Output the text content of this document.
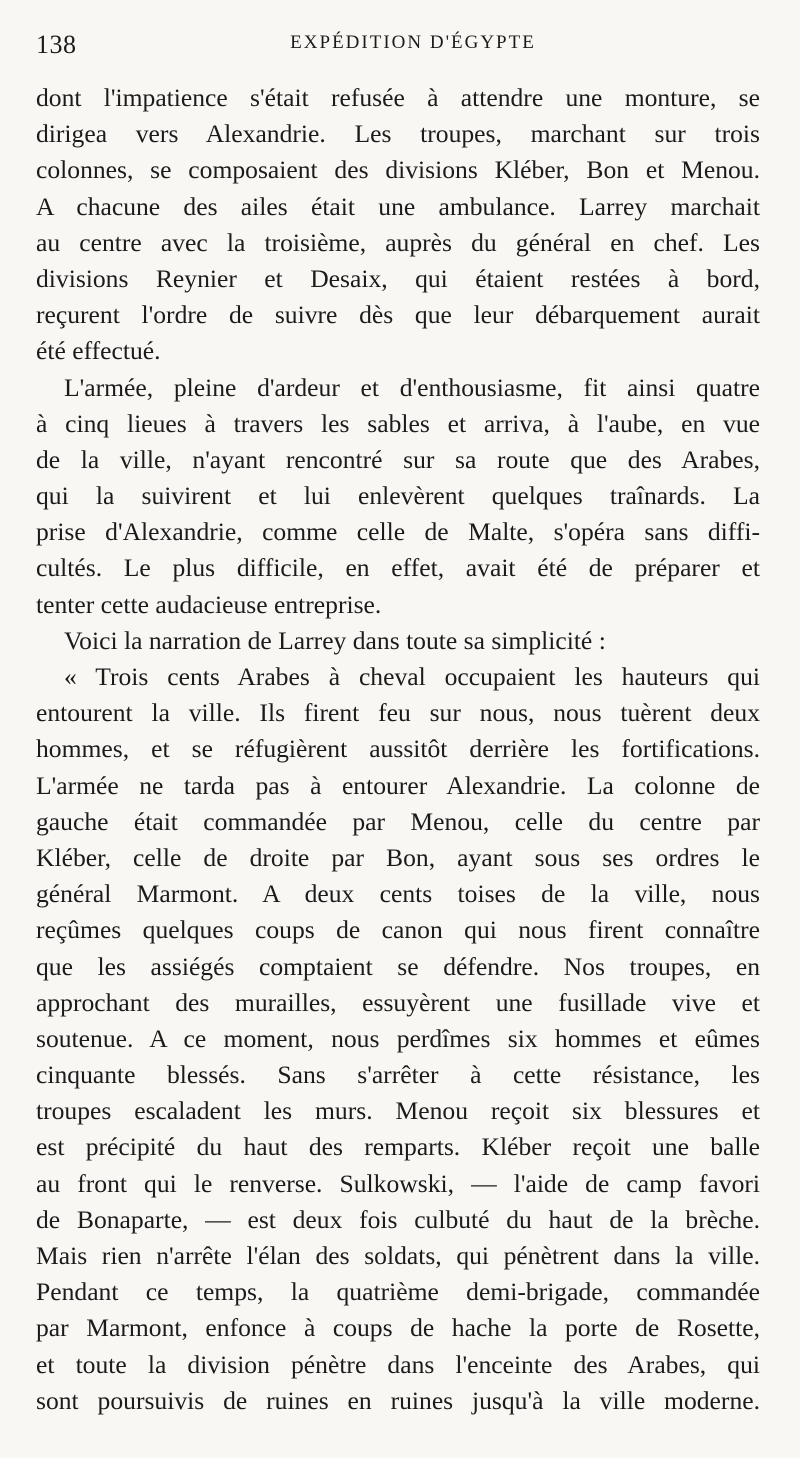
138	EXPÉDITION D'ÉGYPTE
dont l'impatience s'était refusée à attendre une monture, se
dirigea vers Alexandrie. Les troupes, marchant sur trois
colonnes, se composaient des divisions Kléber, Bon et Menou.
A chacune des ailes était une ambulance. Larrey marchait
au centre avec la troisième, auprès du général en chef. Les
divisions Reynier et Desaix, qui étaient restées à bord,
reçurent l'ordre de suivre dès que leur débarquement aurait
été effectué.
L'armée, pleine d'ardeur et d'enthousiasme, fit ainsi quatre
à cinq lieues à travers les sables et arriva, à l'aube, en vue
de la ville, n'ayant rencontré sur sa route que des Arabes,
qui la suivirent et lui enlevèrent quelques traînards. La
prise d'Alexandrie, comme celle de Malte, s'opéra sans diffi-
cultés. Le plus difficile, en effet, avait été de préparer et
tenter cette audacieuse entreprise.
Voici la narration de Larrey dans toute sa simplicité :
« Trois cents Arabes à cheval occupaient les hauteurs qui
entourent la ville. Ils firent feu sur nous, nous tuèrent deux
hommes, et se réfugièrent aussitôt derrière les fortifications.
L'armée ne tarda pas à entourer Alexandrie. La colonne de
gauche était commandée par Menou, celle du centre par
Kléber, celle de droite par Bon, ayant sous ses ordres le
général Marmont. A deux cents toises de la ville, nous
reçûmes quelques coups de canon qui nous firent connaître
que les assiégés comptaient se défendre. Nos troupes, en
approchant des murailles, essuyèrent une fusillade vive et
soutenue. A ce moment, nous perdîmes six hommes et eûmes
cinquante blessés. Sans s'arrêter à cette résistance, les
troupes escaladent les murs. Menou reçoit six blessures et
est précipité du haut des remparts. Kléber reçoit une balle
au front qui le renverse. Sulkowski, — l'aide de camp favori
de Bonaparte, — est deux fois culbuté du haut de la brèche.
Mais rien n'arrête l'élan des soldats, qui pénètrent dans la ville.
Pendant ce temps, la quatrième demi-brigade, commandée
par Marmont, enfonce à coups de hache la porte de Rosette,
et toute la division pénètre dans l'enceinte des Arabes, qui
sont poursuivis de ruines en ruines jusqu'à la ville moderne.
